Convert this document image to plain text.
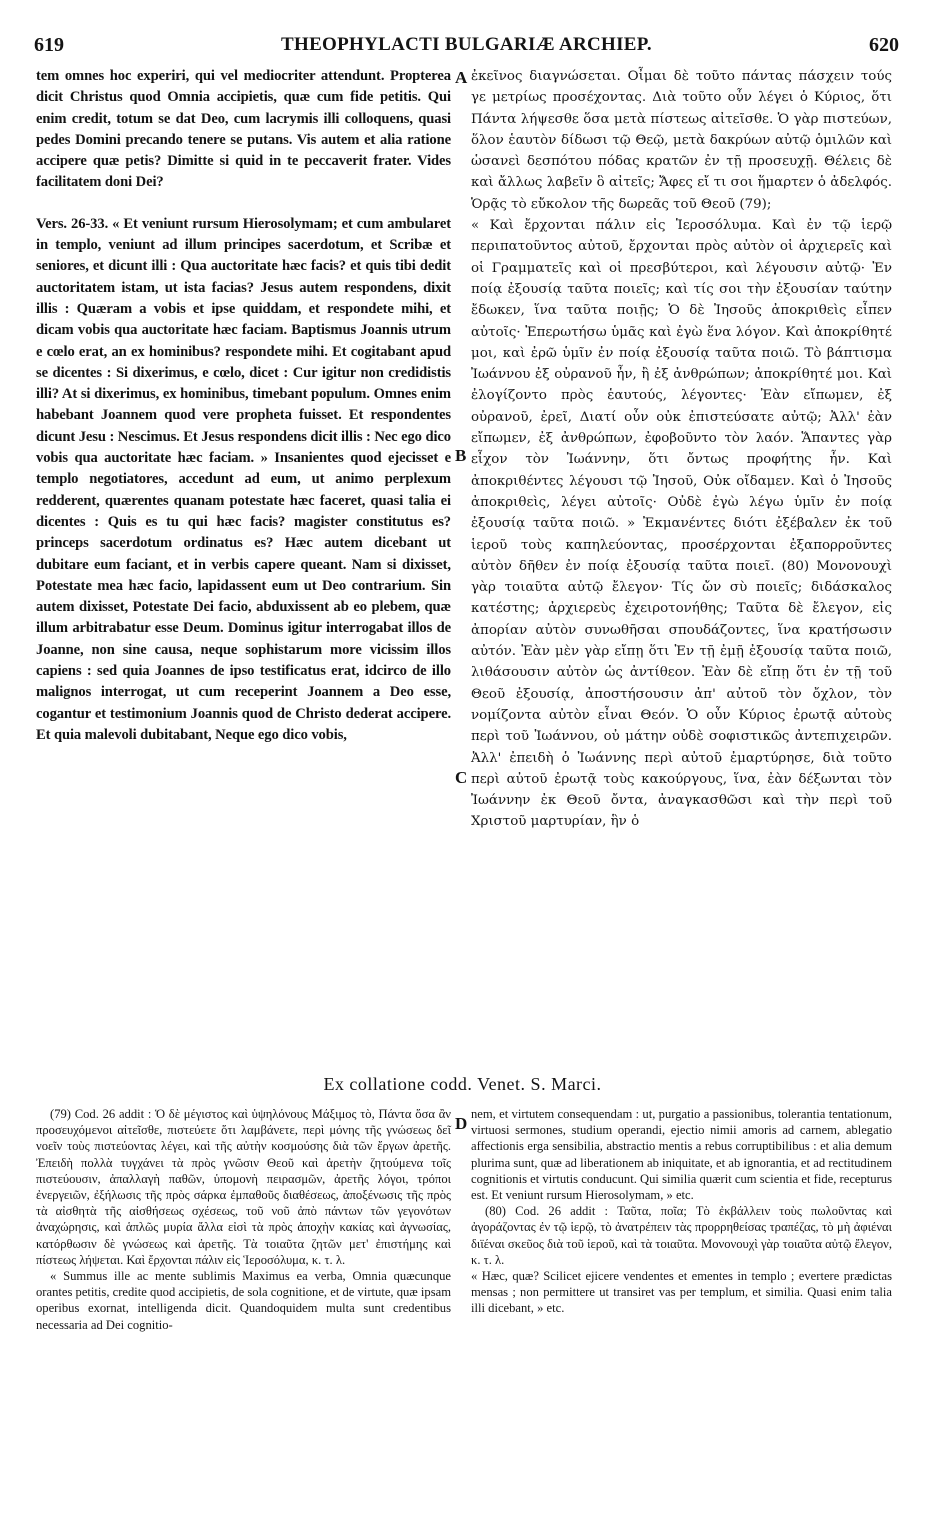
619	THEOPHYLACTI BULGARIÆ ARCHIEP.	620

tem omnes hoc experiri, qui vel mediocriter attendunt. Propterea dicit Christus quod Omnia accipietis, quæ cum fide petitis. Qui enim credit, totum se dat Deo, cum lacrymis illi colloquens, quasi pedes Domini precando tenere se putans. Vis autem et alia ratione accipere quæ petis? Dimitte si quid in te peccaverit frater. Vides facilitatem doni Dei?

Vers. 26-33. « Et veniunt rursum Hierosolymam; et cum ambularet in templo, veniunt ad illum principes sacerdotum, et Scribæ et seniores, et dicunt illi : Qua auctoritate hæc facis? et quis tibi dedit auctoritatem istam, ut ista facias? Jesus autem respondens, dixit illis : Quæram a vobis et ipse quiddam, et respondete mihi, et dicam vobis qua auctoritate hæc faciam. Baptismus Joannis utrum e cœlo erat, an ex hominibus? respondete mihi. Et cogitabant apud se dicentes : Si dixerimus, e cœlo, dicet : Cur igitur non credidistis illi? At si dixerimus, ex hominibus, timebant populum. Omnes enim habebant Joannem quod vere propheta fuisset. Et respondentes dicunt Jesu : Nescimus. Et Jesus respondens dicit illis : Nec ego dico vobis qua auctoritate hæc faciam. » Insanientes quod ejecisset e templo negotiatores, accedunt ad eum, ut animo perplexum redderent, quærentes quanam potestate hæc faceret, quasi talia ei dicentes : Quis es tu qui hæc facis? magister constitutus es? princeps sacerdotum ordinatus es? Hæc autem dicebant ut dubitare eum faciant, et in verbis capere queant. Nam si dixisset, Potestate mea hæc facio, lapidassent eum ut Deo contrarium. Sin autem dixisset, Potestate Dei facio, abduxissent ab eo plebem, quæ illum arbitrabatur esse Deum. Dominus igitur interrogabat illos de Joanne, non sine causa, neque sophistarum more vicissim illos capiens : sed quia Joannes de ipso testificatus erat, idcirco de illo malignos interrogat, ut cum receperint Joannem a Deo esse, cogantur et testimonium Joannis quod de Christo dederat accipere. Et quia malevoli dubitabant, Neque ego dico vobis,

ἐκεῖνος διαγνώσεται. Οἶμαι δὲ τοῦτο πάντας πάσχειν τούς γε μετρίως προσέχοντας. Διὰ τοῦτο οὖν λέγει ὁ Κύριος, ὅτι Πάντα λήψεσθε ὅσα μετὰ πίστεως αἰτεῖσθε. Ὁ γὰρ πιστεύων, ὅλον ἑαυτὸν δίδωσι τῷ Θεῷ, μετὰ δακρύων αὐτῷ ὁμιλῶν καὶ ὡσανεὶ δεσπότου πόδας κρατῶν ἐν τῇ προσευχῇ. Θέλεις δὲ καὶ ἄλλως λαβεῖν ὃ αἰτεῖς; Ἄφες εἴ τι σοι ἥμαρτεν ὁ ἀδελφός. Ὁρᾷς τὸ εὔκολον τῆς δωρεᾶς τοῦ Θεοῦ (79);

« Καὶ ἔρχονται πάλιν εἰς Ἱεροσόλυμα. Καὶ ἐν τῷ ἱερῷ περιπατοῦντος αὐτοῦ, ἔρχονται πρὸς αὐτὸν οἱ ἀρχιερεῖς καὶ οἱ Γραμματεῖς καὶ οἱ πρεσβύτεροι, καὶ λέγουσιν αὐτῷ· Ἐν ποίᾳ ἐξουσίᾳ ταῦτα ποιεῖς; καὶ τίς σοι τὴν ἐξουσίαν ταύτην ἔδωκεν, ἵνα ταῦτα ποιῇς; Ὁ δὲ Ἰησοῦς ἀποκριθεὶς εἶπεν αὐτοῖς· Ἐπερωτήσω ὑμᾶς καὶ ἐγὼ ἕνα λόγον. Καὶ ἀποκρίθητέ μοι, καὶ ἐρῶ ὑμῖν ἐν ποίᾳ ἐξουσίᾳ ταῦτα ποιῶ. Τὸ βάπτισμα Ἰωάννου ἐξ οὐρανοῦ ἦν, ἢ ἐξ ἀνθρώπων; ἀποκρίθητέ μοι. Καὶ ἐλογίζοντο πρὸς ἑαυτούς, λέγοντες· Ἐὰν εἴπωμεν, ἐξ οὐρανοῦ, ἐρεῖ, Διατί οὖν οὐκ ἐπιστεύσατε αὐτῷ; Ἀλλ' ἐὰν εἴπωμεν, ἐξ ἀνθρώπων, ἐφοβοῦντο τὸν λαόν. Ἅπαντες γὰρ εἶχον τὸν Ἰωάννην, ὅτι ὄντως προφήτης ἦν. Καὶ ἀποκριθέντες λέγουσι τῷ Ἰησοῦ, Οὐκ οἴδαμεν. Καὶ ὁ Ἰησοῦς ἀποκριθεὶς, λέγει αὐτοῖς· Οὐδὲ ἐγὼ λέγω ὑμῖν ἐν ποίᾳ ἐξουσίᾳ ταῦτα ποιῶ. » Ἐκμανέντες διότι ἐξέβαλεν ἐκ τοῦ ἱεροῦ τοὺς καπηλεύοντας, προσέρχονται ἐξαπορροῦντες αὐτὸν δῆθεν ἐν ποίᾳ ἐξουσίᾳ ταῦτα ποιεῖ. (80) Μονονουχὶ γὰρ τοιαῦτα αὐτῷ ἔλεγον· Τίς ὤν σὺ ποιεῖς; διδάσκαλος κατέστης; ἀρχιερεὺς ἐχειροτονήθης; Ταῦτα δὲ ἔλεγον, εἰς ἀπορίαν αὐτὸν συνωθῆσαι σπουδάζοντες, ἵνα κρατήσωσιν αὐτόν. Ἐὰν μὲν γὰρ εἴπῃ ὅτι Ἐν τῇ ἐμῇ ἐξουσίᾳ ταῦτα ποιῶ, λιθάσουσιν αὐτὸν ὡς ἀντίθεον. Ἐὰν δὲ εἴπῃ ὅτι ἐν τῇ τοῦ Θεοῦ ἐξουσίᾳ, ἀποστήσουσιν ἀπ' αὐτοῦ τὸν ὄχλον, τὸν νομίζοντα αὐτὸν εἶναι Θεόν. Ὁ οὖν Κύριος ἐρωτᾷ αὐτοὺς περὶ τοῦ Ἰωάννου, οὐ μάτην οὐδὲ σοφιστικῶς ἀντεπιχειρῶν. Ἀλλ' ἐπειδὴ ὁ Ἰωάννης περὶ αὐτοῦ ἐμαρτύρησε, διὰ τοῦτο περὶ αὐτοῦ ἐρωτᾷ τοὺς κακούργους, ἵνα, ἐὰν δέξωνται τὸν Ἰωάννην ἐκ Θεοῦ ὄντα, ἀναγκασθῶσι καὶ τὴν περὶ τοῦ Χριστοῦ μαρτυρίαν, ἣν ὁ

A
B
C
D
Ex collatione codd. Venet. S. Marci.

(79) Cod. 26 addit : Ὁ δὲ μέγιστος καὶ ὑψηλόνους Μάξιμος τὸ, Πάντα ὅσα ἂν προσευχόμενοι αἰτεῖσθε, πιστεύετε ὅτι λαμβάνετε, περὶ μόνης τῆς γνώσεως δεῖ νοεῖν τοὺς πιστεύοντας λέγει, καὶ τῆς αὐτὴν κοσμούσης διὰ τῶν ἔργων ἀρετῆς. Ἐπειδὴ πολλὰ τυγχάνει τὰ πρὸς γνῶσιν Θεοῦ καὶ ἀρετὴν ζητούμενα τοῖς πιστεύουσιν, ἀπαλλαγὴ παθῶν, ὑπομονὴ πειρασμῶν, ἀρετῆς λόγοι, τρόποι ἐνεργειῶν, ἐξήλωσις τῆς πρὸς σάρκα ἐμπαθοῦς διαθέσεως, ἀποξένωσις τῆς πρὸς τὰ αἰσθητὰ τῆς αἰσθήσεως σχέσεως, τοῦ νοῦ ἀπὸ πάντων τῶν γεγονότων ἀναχώρησις, καὶ ἁπλῶς μυρία ἄλλα εἰσὶ τὰ πρὸς ἀποχὴν κακίας καὶ ἀγνωσίας, κατόρθωσιν δὲ γνώσεως καὶ ἀρετῆς. Τὰ τοιαῦτα ζητῶν μετ' ἐπιστήμης καὶ πίστεως λήψεται. Καὶ ἔρχονται πάλιν εἰς Ἱεροσόλυμα, κ. τ. λ.

« Summus ille ac mente sublimis Maximus ea verba, Omnia quæcunque orantes petitis, credite quod accipietis, de sola cognitione, et de virtute, quæ ipsam operibus exornat, intelligenda dicit. Quandoquidem multa sunt credentibus necessaria ad Dei cognitio-

nem, et virtutem consequendam : ut, purgatio a passionibus, tolerantia tentationum, virtuosi sermones, studium operandi, ejectio nimii amoris ad carnem, ablegatio affectionis erga sensibilia, abstractio mentis a rebus corruptibilibus : et alia demum plurima sunt, quæ ad liberationem ab iniquitate, et ab ignorantia, et ad rectitudinem cognitionis et virtutis conducunt. Qui similia quærit cum scientia et fide, recepturus est. Et veniunt rursum Hierosolymam, » etc.

(80) Cod. 26 addit : Ταῦτα, ποῖα; Τὸ ἐκβάλλειν τοὺς πωλοῦντας καὶ ἀγοράζοντας ἐν τῷ ἱερῷ, τὸ ἀνατρέπειν τὰς προρρηθείσας τραπέζας, τὸ μὴ ἀφιέναι διϊέναι σκεῦος διὰ τοῦ ἱεροῦ, καὶ τὰ τοιαῦτα. Μονονουχὶ γὰρ τοιαῦτα αὐτῷ ἔλεγον, κ. τ. λ.

« Hæc, quæ? Scilicet ejicere vendentes et ementes in templo ; evertere prædictas mensas ; non permittere ut transiret vas per templum, et similia. Quasi enim talia illi dicebant, » etc.
